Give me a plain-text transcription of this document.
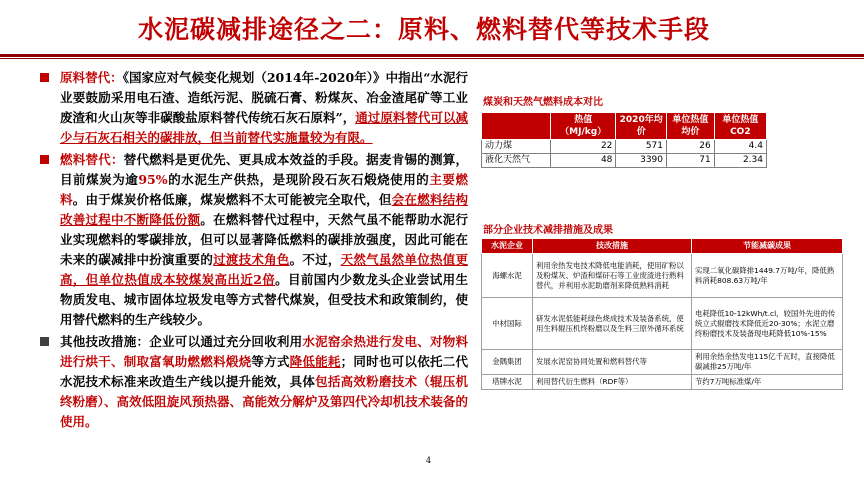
水泥碳减排途径之二：原料、燃料替代等技术手段
原料替代：《国家应对气候变化规划（2014年-2020年）》中指出“水泥行业要鼓励采用电石渣、造纸污泥、脱硫石膏、粉煤灰、冶金渣尾矿等工业废渣和火山灰等非碳酸盐原料替代传统石灰石原料”，通过原料替代可以减少与石灰石相关的碳排放，但当前替代实施量较为有限。
燃料替代：替代燃料是更优先、更具成本效益的手段。据麦肯锡的测算，目前煤炭为逾95%的水泥生产供热，是现阶段石灰石煅烧使用的主要燃料。由于煤炭价格低廉，煤炭燃料不太可能被完全取代，但会在燃料结构改善过程中不断降低份额。在燃料替代过程中，天然气虽不能帮助水泥行业实现燃料的零碳排放，但可以显著降低燃料的碳排放强度，因此可能在未来的碳减排中扮演重要的过渡技术角色。不过，天然气虽然单位热值更高，但单位热值成本较煤炭高出近2倍。目前国内少数龙头企业尝试用生物质发电、城市固体垃圾发电等方式替代煤炭，但受技术和政策制约，使用替代燃料的生产线较少。
其他技改措施：企业可以通过充分回收利用水泥窑余热进行发电、对物料进行烘干、制取富氧助燃燃料煅烧等方式降低能耗；同时也可以依托二代水泥技术标准来改造生产线以提升能效，具体包括高效粉磨技术（辊压机终粉磨）、高效低阻旋风预热器、高能效分解炉及第四代冷却机技术装备的使用。
煤炭和天然气燃料成本对比
	热值（MJ/kg）	2020年均价	单位热值均价	单位热值CO2
动力煤	22	571	26	4.4
液化天然气	48	3390	71	2.34
部分企业技术减排措施及成果
水泥企业	技改措施	节能减碳成果
海螺水泥	利用余热发电技术降低电能消耗，使用矿粉以及粉煤灰、炉渣和煤矸石等工业废渣进行熟料替代，并利用水泥助磨剂来降低熟料消耗	实现二氧化碳降排1449.7万吨/年，降低熟料消耗808.63万吨/年
中材国际	研发水泥低能耗绿色烧成技术及装备系统，使用生料辊压机终粉磨以及生料三原外循环系统	电耗降低10-12kWh/t.cl，较国外先进的传统立式辊磨技术降低近20-30%；水泥立磨终粉磨技术及装备现电耗降低10%-15%
金隅集团	发展水泥窑协同处置和燃料替代等	利用余热余热发电115亿千瓦时，直接降低碳减排25万吨/年
塔牌水泥	利用替代衍生燃料（RDF等）	节约7万吨标准煤/年
4
